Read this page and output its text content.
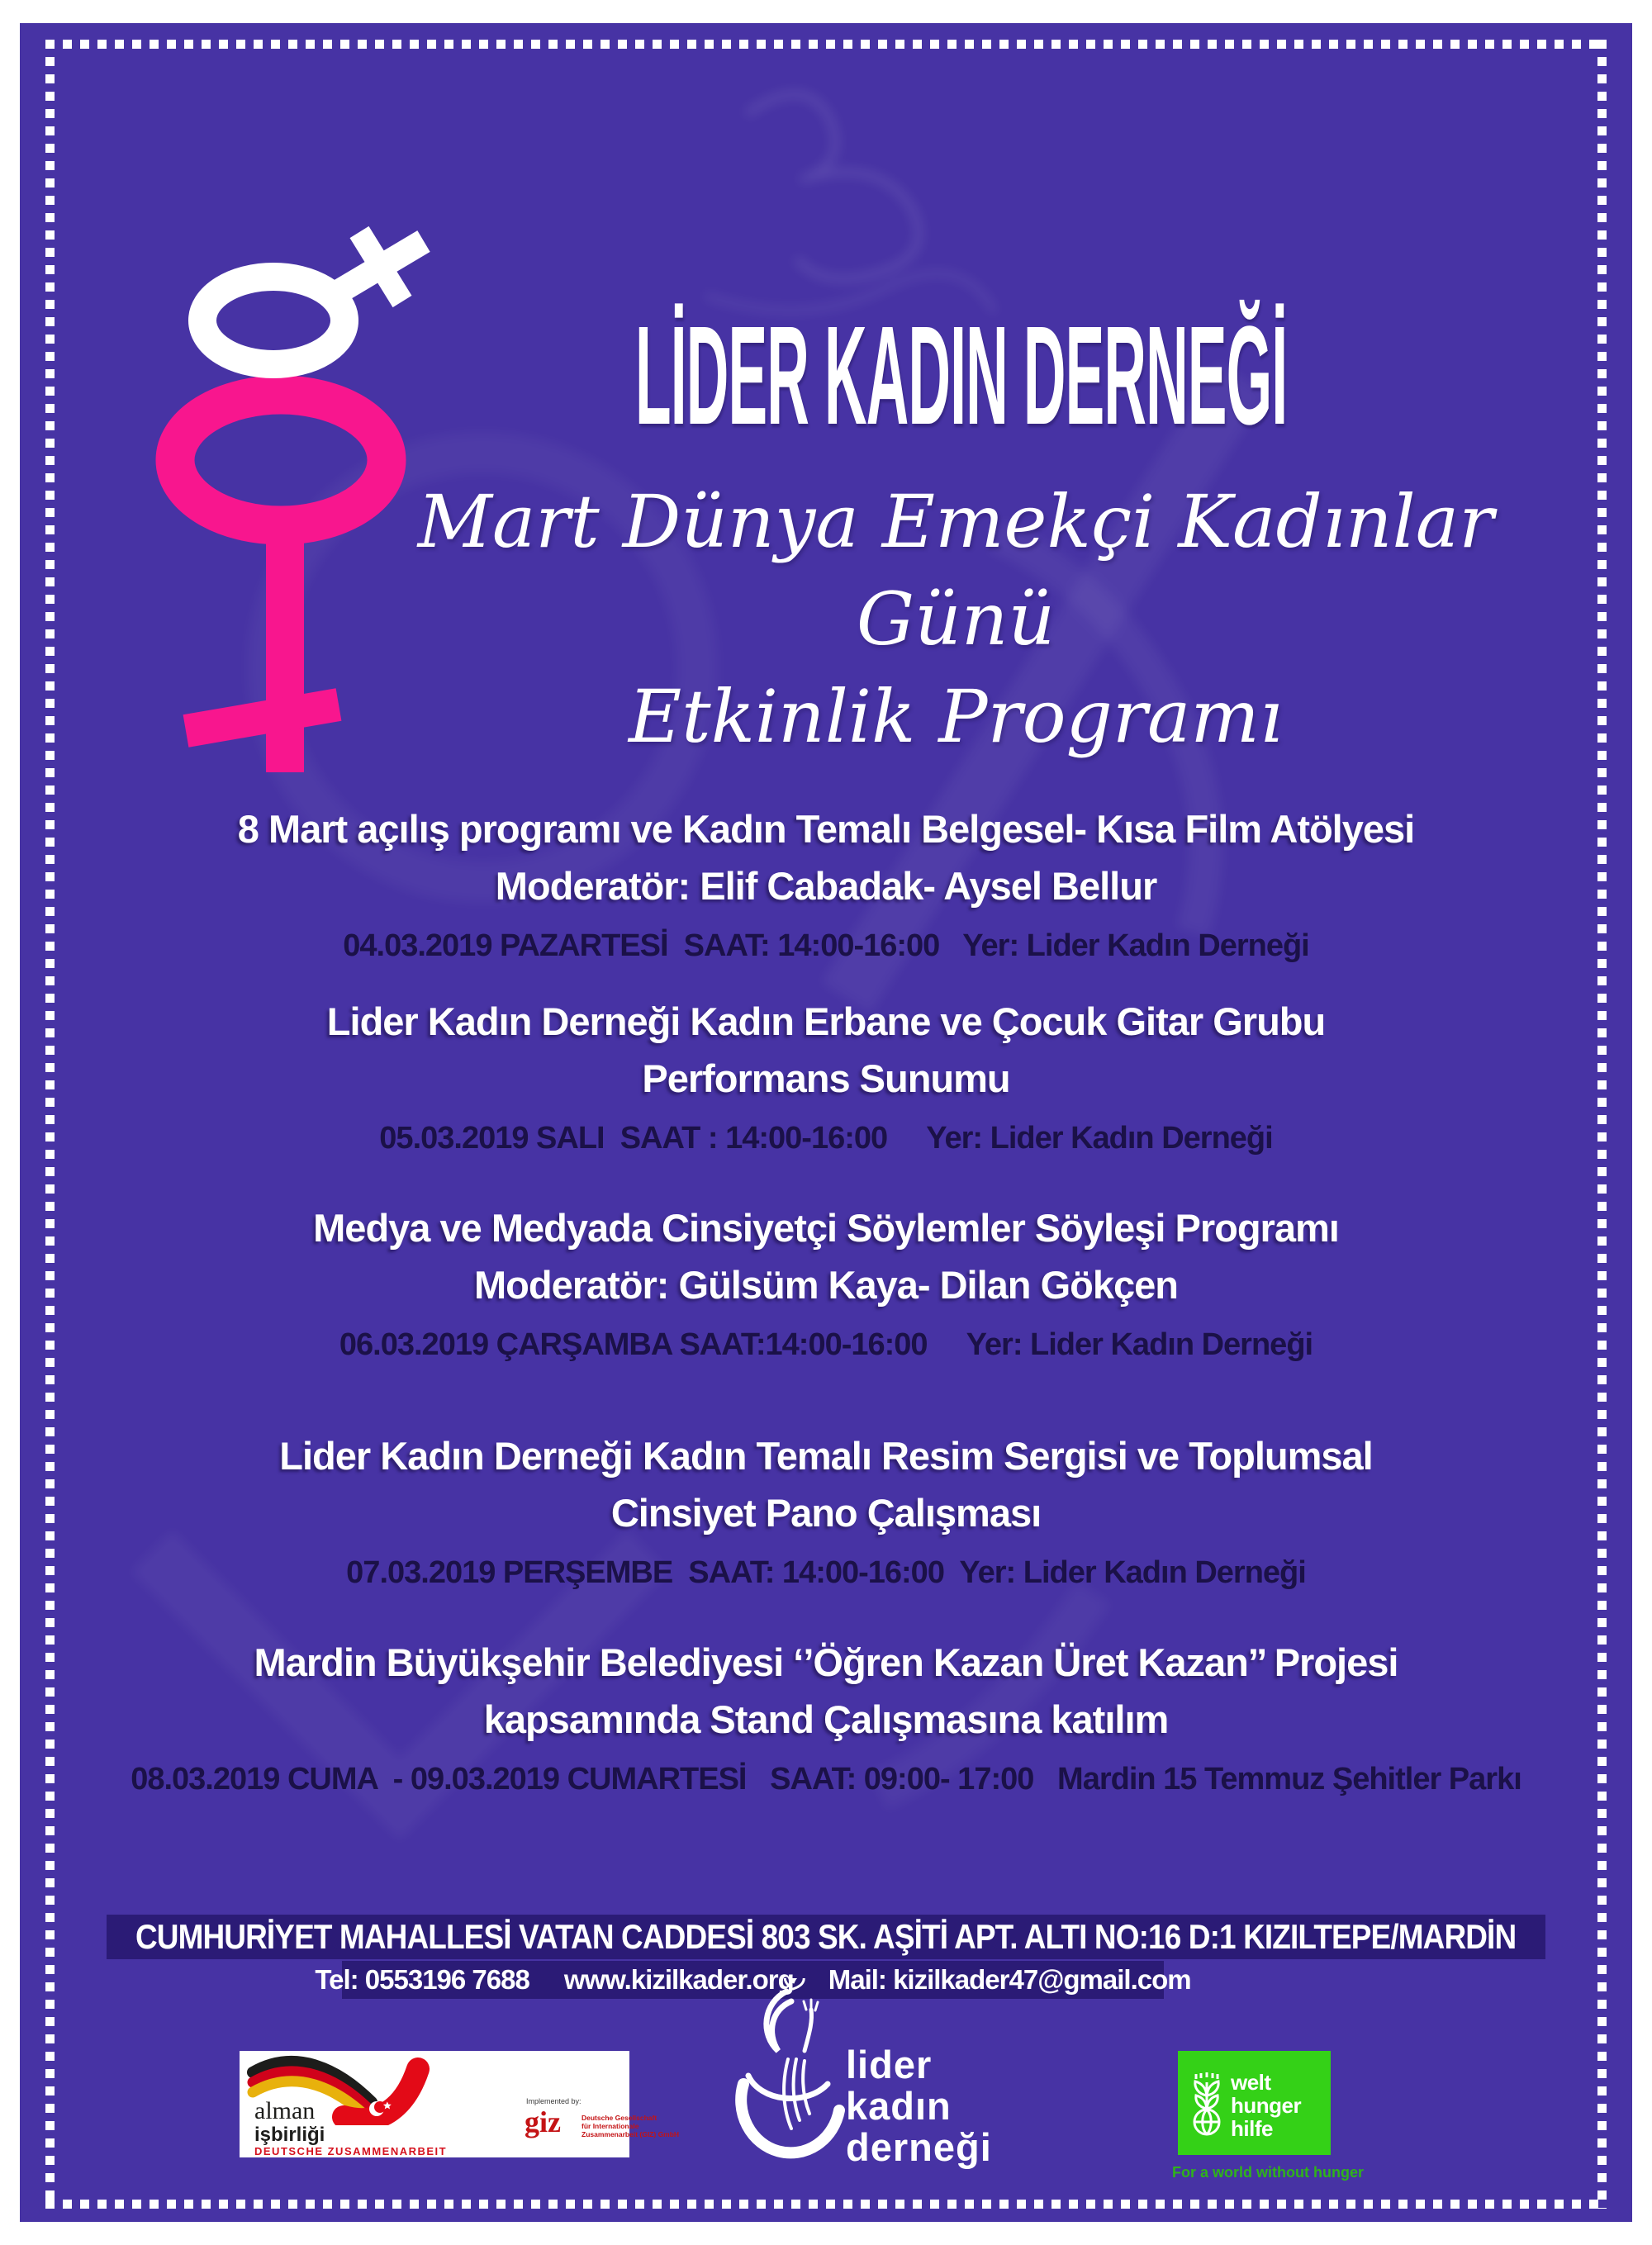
LİDER KADIN DERNEĞİ
Mart Dünya Emekçi Kadınlar Günü
Etkinlik Programı
8 Mart açılış programı ve Kadın Temalı Belgesel- Kısa Film Atölyesi
Moderatör: Elif Cabadak- Aysel Bellur
04.03.2019 PAZARTESİ  SAAT: 14:00-16:00   Yer: Lider Kadın Derneği
Lider Kadın Derneği Kadın Erbane ve Çocuk Gitar Grubu
Performans Sunumu
05.03.2019 SALI  SAAT : 14:00-16:00     Yer: Lider Kadın Derneği
Medya ve Medyada Cinsiyetçi Söylemler Söyleşi Programı
Moderatör: Gülsüm Kaya- Dilan Gökçen
06.03.2019 ÇARŞAMBA SAAT:14:00-16:00     Yer: Lider Kadın Derneği
Lider Kadın Derneği Kadın Temalı Resim Sergisi ve Toplumsal
Cinsiyet Pano Çalışması
07.03.2019 PERŞEMBE  SAAT: 14:00-16:00  Yer: Lider Kadın Derneği
Mardin Büyükşehir Belediyesi ‘’Öğren Kazan Üret Kazan’’ Projesi
kapsamında Stand Çalışmasına katılım
08.03.2019 CUMA  - 09.03.2019 CUMARTESİ   SAAT: 09:00- 17:00   Mardin 15 Temmuz Şehitler Parkı
CUMHURİYET MAHALLESİ VATAN CADDESİ 803 SK. AŞİTİ APT. ALTI NO:16 D:1 KIZILTEPE/MARDİN
Tel: 0553196 7688 www.kizilkader.org Mail: kizilkader47@gmail.com
alman
işbirliği
DEUTSCHE ZUSAMMENARBEIT
Implemented by:
giz	Deutsche Gesellschaft
für Internationale
Zusammenarbeit (GIZ) GmbH
lider
kadın
derneği
welt
hunger
hilfe
For a world without hunger
